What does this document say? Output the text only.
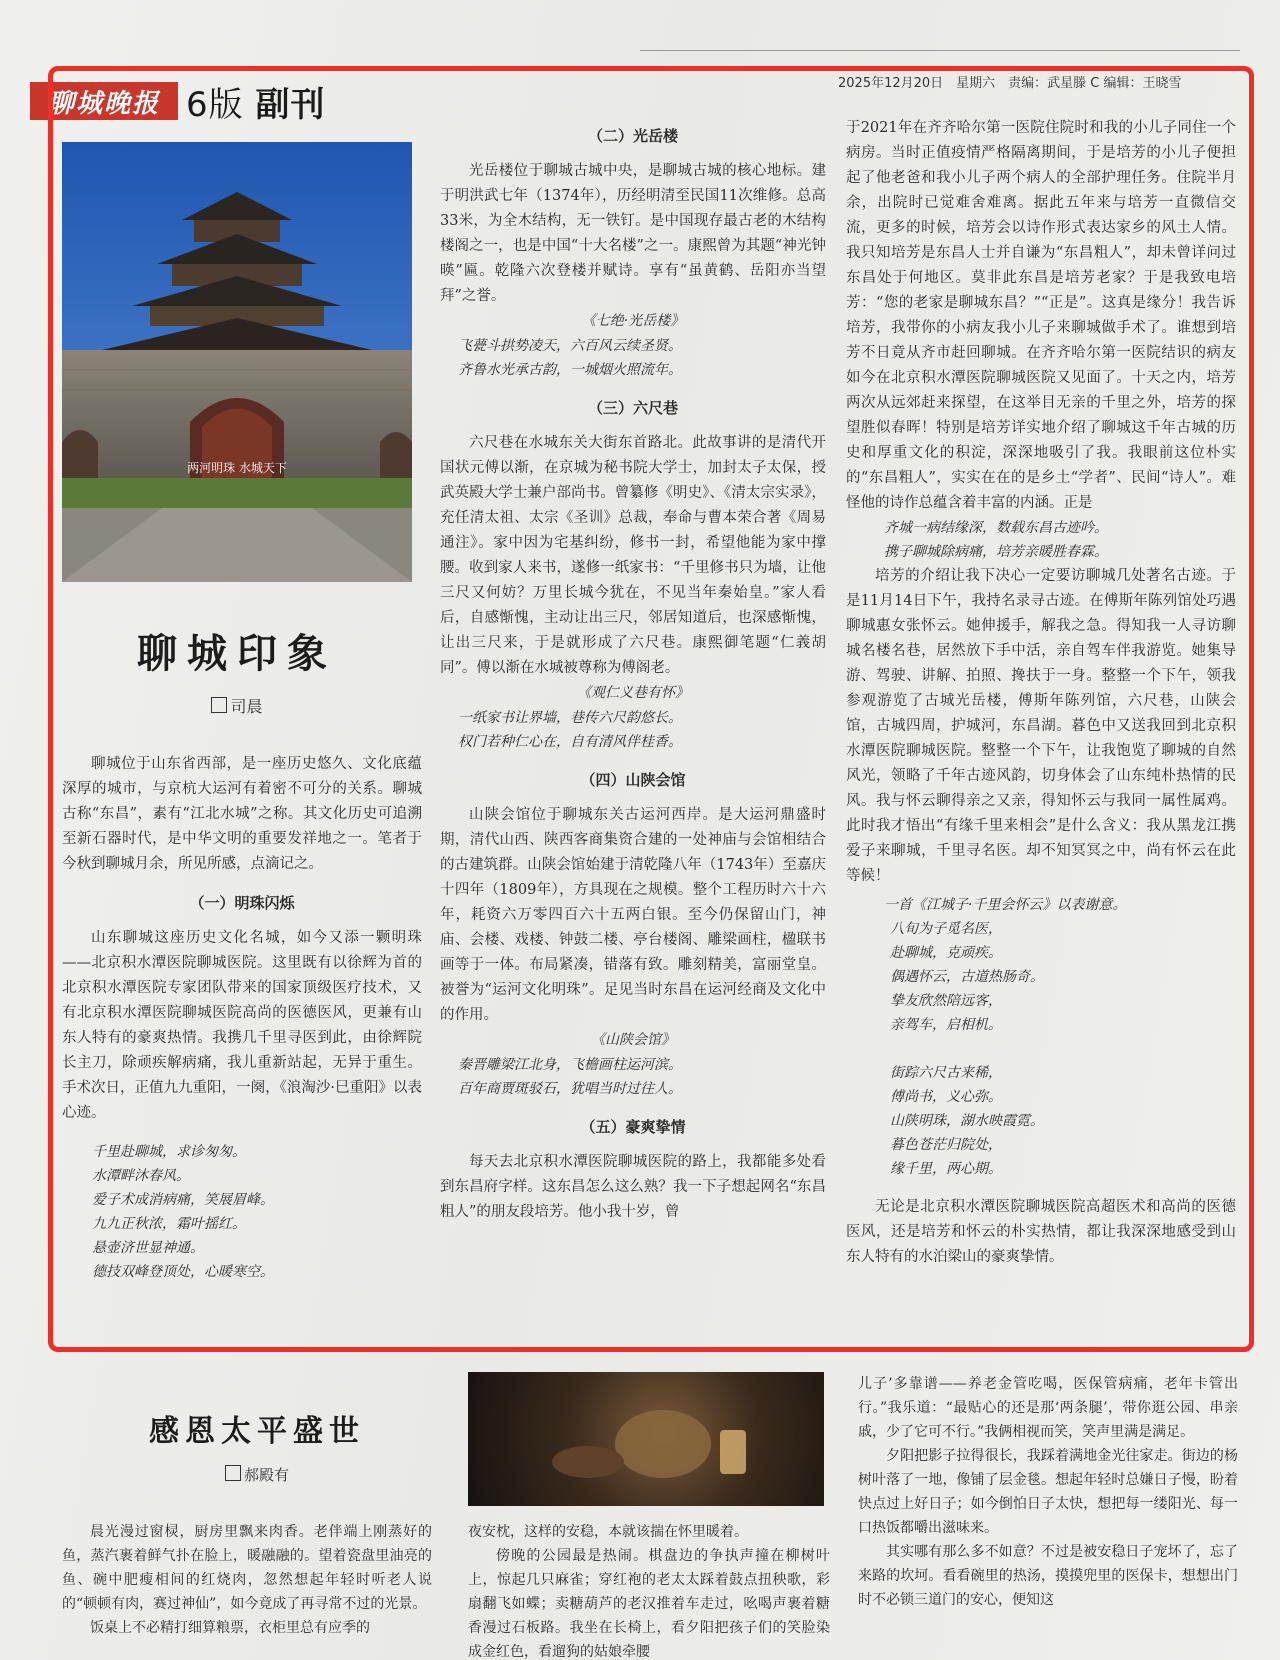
聊城晚报 6版 副刊
2025年12月20日　星期六　责编：武星滕 C 编辑：王晓雪
两河明珠 水城天下
聊城印象
司晨

聊城位于山东省西部，是一座历史悠久、文化底蕴深厚的城市，与京杭大运河有着密不可分的关系。聊城古称“东昌”，素有“江北水城”之称。其文化历史可追溯至新石器时代，是中华文明的重要发祥地之一。笔者于今秋到聊城月余，所见所感，点滴记之。

（一）明珠闪烁

山东聊城这座历史文化名城，如今又添一颗明珠——北京积水潭医院聊城医院。这里既有以徐辉为首的北京积水潭医院专家团队带来的国家顶级医疗技术，又有北京积水潭医院聊城医院高尚的医德医风，更兼有山东人特有的豪爽热情。我携几千里寻医到此，由徐辉院长主刀，除顽疾解病痛，我儿重新站起，无异于重生。手术次日，正值九九重阳，一阕，《浪淘沙·巳重阳》以表心迹。

千里赴聊城，求诊匆匆。
水潭畔沐春风。
爱子术成消病痛，笑展眉峰。
九九正秋浓，霜叶摇红。
悬壶济世显神通。
德技双峰登顶处，心暖寒空。
（二）光岳楼

光岳楼位于聊城古城中央，是聊城古城的核心地标。建于明洪武七年（1374年），历经明清至民国11次维修。总高33米，为全木结构，无一铁钉。是中国现存最古老的木结构楼阁之一，也是中国“十大名楼”之一。康熙曾为其题“神光钟暎”匾。乾隆六次登楼并赋诗。享有“虽黄鹤、岳阳亦当望拜”之誉。

《七绝·光岳楼》
飞甍斗拱势凌天，六百风云续圣贤。
齐鲁水光承古韵，一城烟火照流年。
（三）六尺巷

六尺巷在水城东关大街东首路北。此故事讲的是清代开国状元傅以渐，在京城为秘书院大学士，加封太子太保，授武英殿大学士兼户部尚书。曾纂修《明史》、《清太宗实录》，充任清太祖、太宗《圣训》总裁，奉命与曹本荣合著《周易通注》。家中因为宅基纠纷，修书一封，希望他能为家中撑腰。收到家人来书，遂修一纸家书：“千里修书只为墙，让他三尺又何妨？万里长城今犹在，不见当年秦始皇。”家人看后，自感惭愧，主动让出三尺，邻居知道后，也深感惭愧，让出三尺来，于是就形成了六尺巷。康熙御笔题“仁義胡同”。傅以渐在水城被尊称为傅阁老。

《观仁义巷有怀》
一纸家书让界墙，巷传六尺韵悠长。
权门若种仁心在，自有清风伴桂香。
（四）山陕会馆

山陕会馆位于聊城东关古运河西岸。是大运河鼎盛时期，清代山西、陕西客商集资合建的一处神庙与会馆相结合的古建筑群。山陕会馆始建于清乾隆八年（1743年）至嘉庆十四年（1809年），方具现在之规模。整个工程历时六十六年，耗资六万零四百六十五两白银。至今仍保留山门，神庙、会楼、戏楼、钟鼓二楼、亭台楼阁、雕梁画柱，楹联书画等于一体。布局紧凑，错落有致。雕刻精美，富丽堂皇。被誉为“运河文化明珠”。足见当时东昌在运河经商及文化中的作用。

《山陕会馆》
秦晋雕梁江北身，飞檐画柱运河滨。
百年商贾斑驳石，犹唱当时过往人。
（五）豪爽挚情

每天去北京积水潭医院聊城医院的路上，我都能多处看到东昌府字样。这东昌怎么这么熟？我一下子想起网名“东昌粗人”的朋友段培芳。他小我十岁，曾

于2021年在齐齐哈尔第一医院住院时和我的小儿子同住一个病房。当时正值疫情严格隔离期间，于是培芳的小儿子便担起了他老爸和我小儿子两个病人的全部护理任务。住院半月余，出院时已觉难舍难离。据此五年来与培芳一直微信交流，更多的时候，培芳会以诗作形式表达家乡的风土人情。我只知培芳是东昌人士并自谦为“东昌粗人”，却未曾详问过东昌处于何地区。莫非此东昌是培芳老家？于是我致电培芳：“您的老家是聊城东昌？”“正是”。这真是缘分！我告诉培芳，我带你的小病友我小儿子来聊城做手术了。谁想到培芳不日竟从齐市赶回聊城。在齐齐哈尔第一医院结识的病友如今在北京积水潭医院聊城医院又见面了。十天之内，培芳两次从远郊赶来探望，在这举目无亲的千里之外，培芳的探望胜似春晖！特别是培芳详实地介绍了聊城这千年古城的历史和厚重文化的积淀，深深地吸引了我。我眼前这位朴实的“东昌粗人”，实实在在的是乡土“学者”、民间“诗人”。难怪他的诗作总蕴含着丰富的内涵。正是

齐城一病结缘深，数载东昌古迹吟。
携子聊城除病痛，培芳亲暖胜春霖。

培芳的介绍让我下决心一定要访聊城几处著名古迹。于是11月14日下午，我持名录寻古迹。在傅斯年陈列馆处巧遇聊城惠女张怀云。她伸援手，解我之急。得知我一人寻访聊城名楼名巷，居然放下手中活，亲自驾车伴我游览。她集导游、驾驶、讲解、拍照、搀扶于一身。整整一个下午，领我参观游览了古城光岳楼，傅斯年陈列馆，六尺巷，山陕会馆，古城四周，护城河，东昌湖。暮色中又送我回到北京积水潭医院聊城医院。整整一个下午，让我饱览了聊城的自然风光，领略了千年古迹风韵，切身体会了山东纯朴热情的民风。我与怀云聊得亲之又亲，得知怀云与我同一属性属鸡。此时我才悟出“有缘千里来相会”是什么含义：我从黑龙江携爱子来聊城，千里寻名医。却不知冥冥之中，尚有怀云在此等候！

一首《江城子·千里会怀云》以表谢意。
八旬为子觅名医，
赴聊城，克顽疾。
偶遇怀云，古道热肠奇。
挚友欣然陪远客，
亲驾车，启相机。
街踪六尺古来稀，
傅尚书，义心弥。
山陕明珠，湖水映霞霓。
暮色苍茫归院处，
缘千里，两心期。

无论是北京积水潭医院聊城医院高超医术和高尚的医德医风，还是培芳和怀云的朴实热情，都让我深深地感受到山东人特有的水泊梁山的豪爽挚情。

感恩太平盛世
郝殿有

晨光漫过窗棂，厨房里飘来肉香。老伴端上刚蒸好的鱼，蒸汽裹着鲜气扑在脸上，暖融融的。望着瓷盘里油亮的鱼、碗中肥瘦相间的红烧肉，忽然想起年轻时听老人说的“顿顿有肉，赛过神仙”，如今竟成了再寻常不过的光景。

饭桌上不必精打细算粮票，衣柜里总有应季的

夜安枕，这样的安稳，本就该揣在怀里暖着。

傍晚的公园最是热闹。棋盘边的争执声撞在柳树叶上，惊起几只麻雀；穿红袍的老太太踩着鼓点扭秧歌，彩扇翻飞如蝶；卖糖葫芦的老汉推着车走过，吆喝声裹着糖香漫过石板路。我坐在长椅上，看夕阳把孩子们的笑脸染成金红色，看遛狗的姑娘牵腰

儿子’多靠谱——养老金管吃喝，医保管病痛，老年卡管出行。”我乐道：“最贴心的还是那‘两条腿’，带你逛公园、串亲戚，少了它可不行。”我俩相视而笑，笑声里满是满足。

夕阳把影子拉得很长，我踩着满地金光往家走。街边的杨树叶落了一地，像铺了层金毯。想起年轻时总嫌日子慢，盼着快点过上好日子；如今倒怕日子太快，想把每一缕阳光、每一口热饭都嚼出滋味来。

其实哪有那么多不如意？不过是被安稳日子宠坏了，忘了来路的坎坷。看看碗里的热汤，摸摸兜里的医保卡，想想出门时不必锁三道门的安心，便知这
